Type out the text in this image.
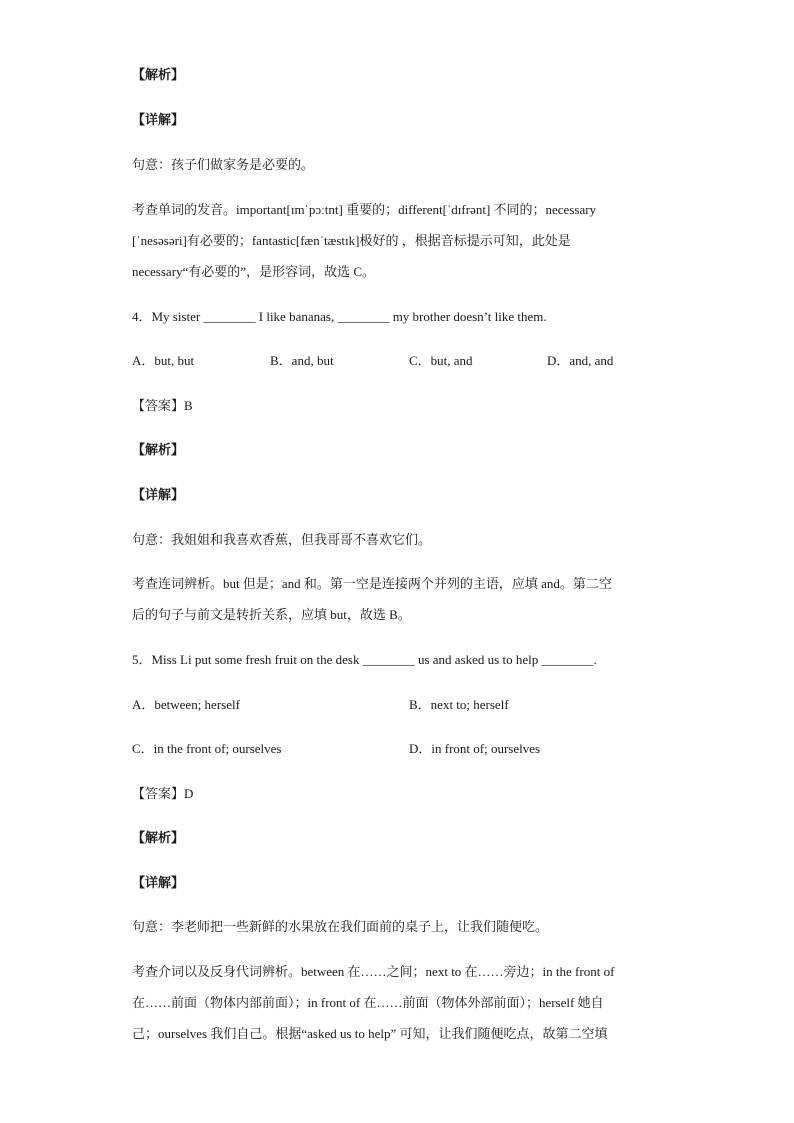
【解析】
【详解】
句意：孩子们做家务是必要的。
考查单词的发音。important[ɪmˈpɔːtnt] 重要的；different[ˈdɪfrənt] 不同的；necessary
[ˈnesəsəri]有必要的；fantastic[fænˈtæstɪk]极好的 ，根据音标提示可知，此处是
necessary“有必要的”，是形容词，故选 C。
4．My sister ________ I like bananas, ________ my brother doesn’t like them.
A．but, but	B．and, but	C．but, and	D．and, and
【答案】B
【解析】
【详解】
句意：我姐姐和我喜欢香蕉，但我哥哥不喜欢它们。
考查连词辨析。but 但是；and 和。第一空是连接两个并列的主语，应填 and。第二空
后的句子与前文是转折关系，应填 but，故选 B。
5．Miss Li put some fresh fruit on the desk ________ us and asked us to help ________.
A．between; herself	B．next to; herself
C．in the front of; ourselves	D．in front of; ourselves
【答案】D
【解析】
【详解】
句意：李老师把一些新鲜的水果放在我们面前的桌子上，让我们随便吃。
考查介词以及反身代词辨析。between 在……之间；next to 在……旁边；in the front of
在……前面（物体内部前面）；in front of 在……前面（物体外部前面）；herself 她自
己；ourselves 我们自己。根据“asked us to help” 可知，让我们随便吃点，故第二空填
